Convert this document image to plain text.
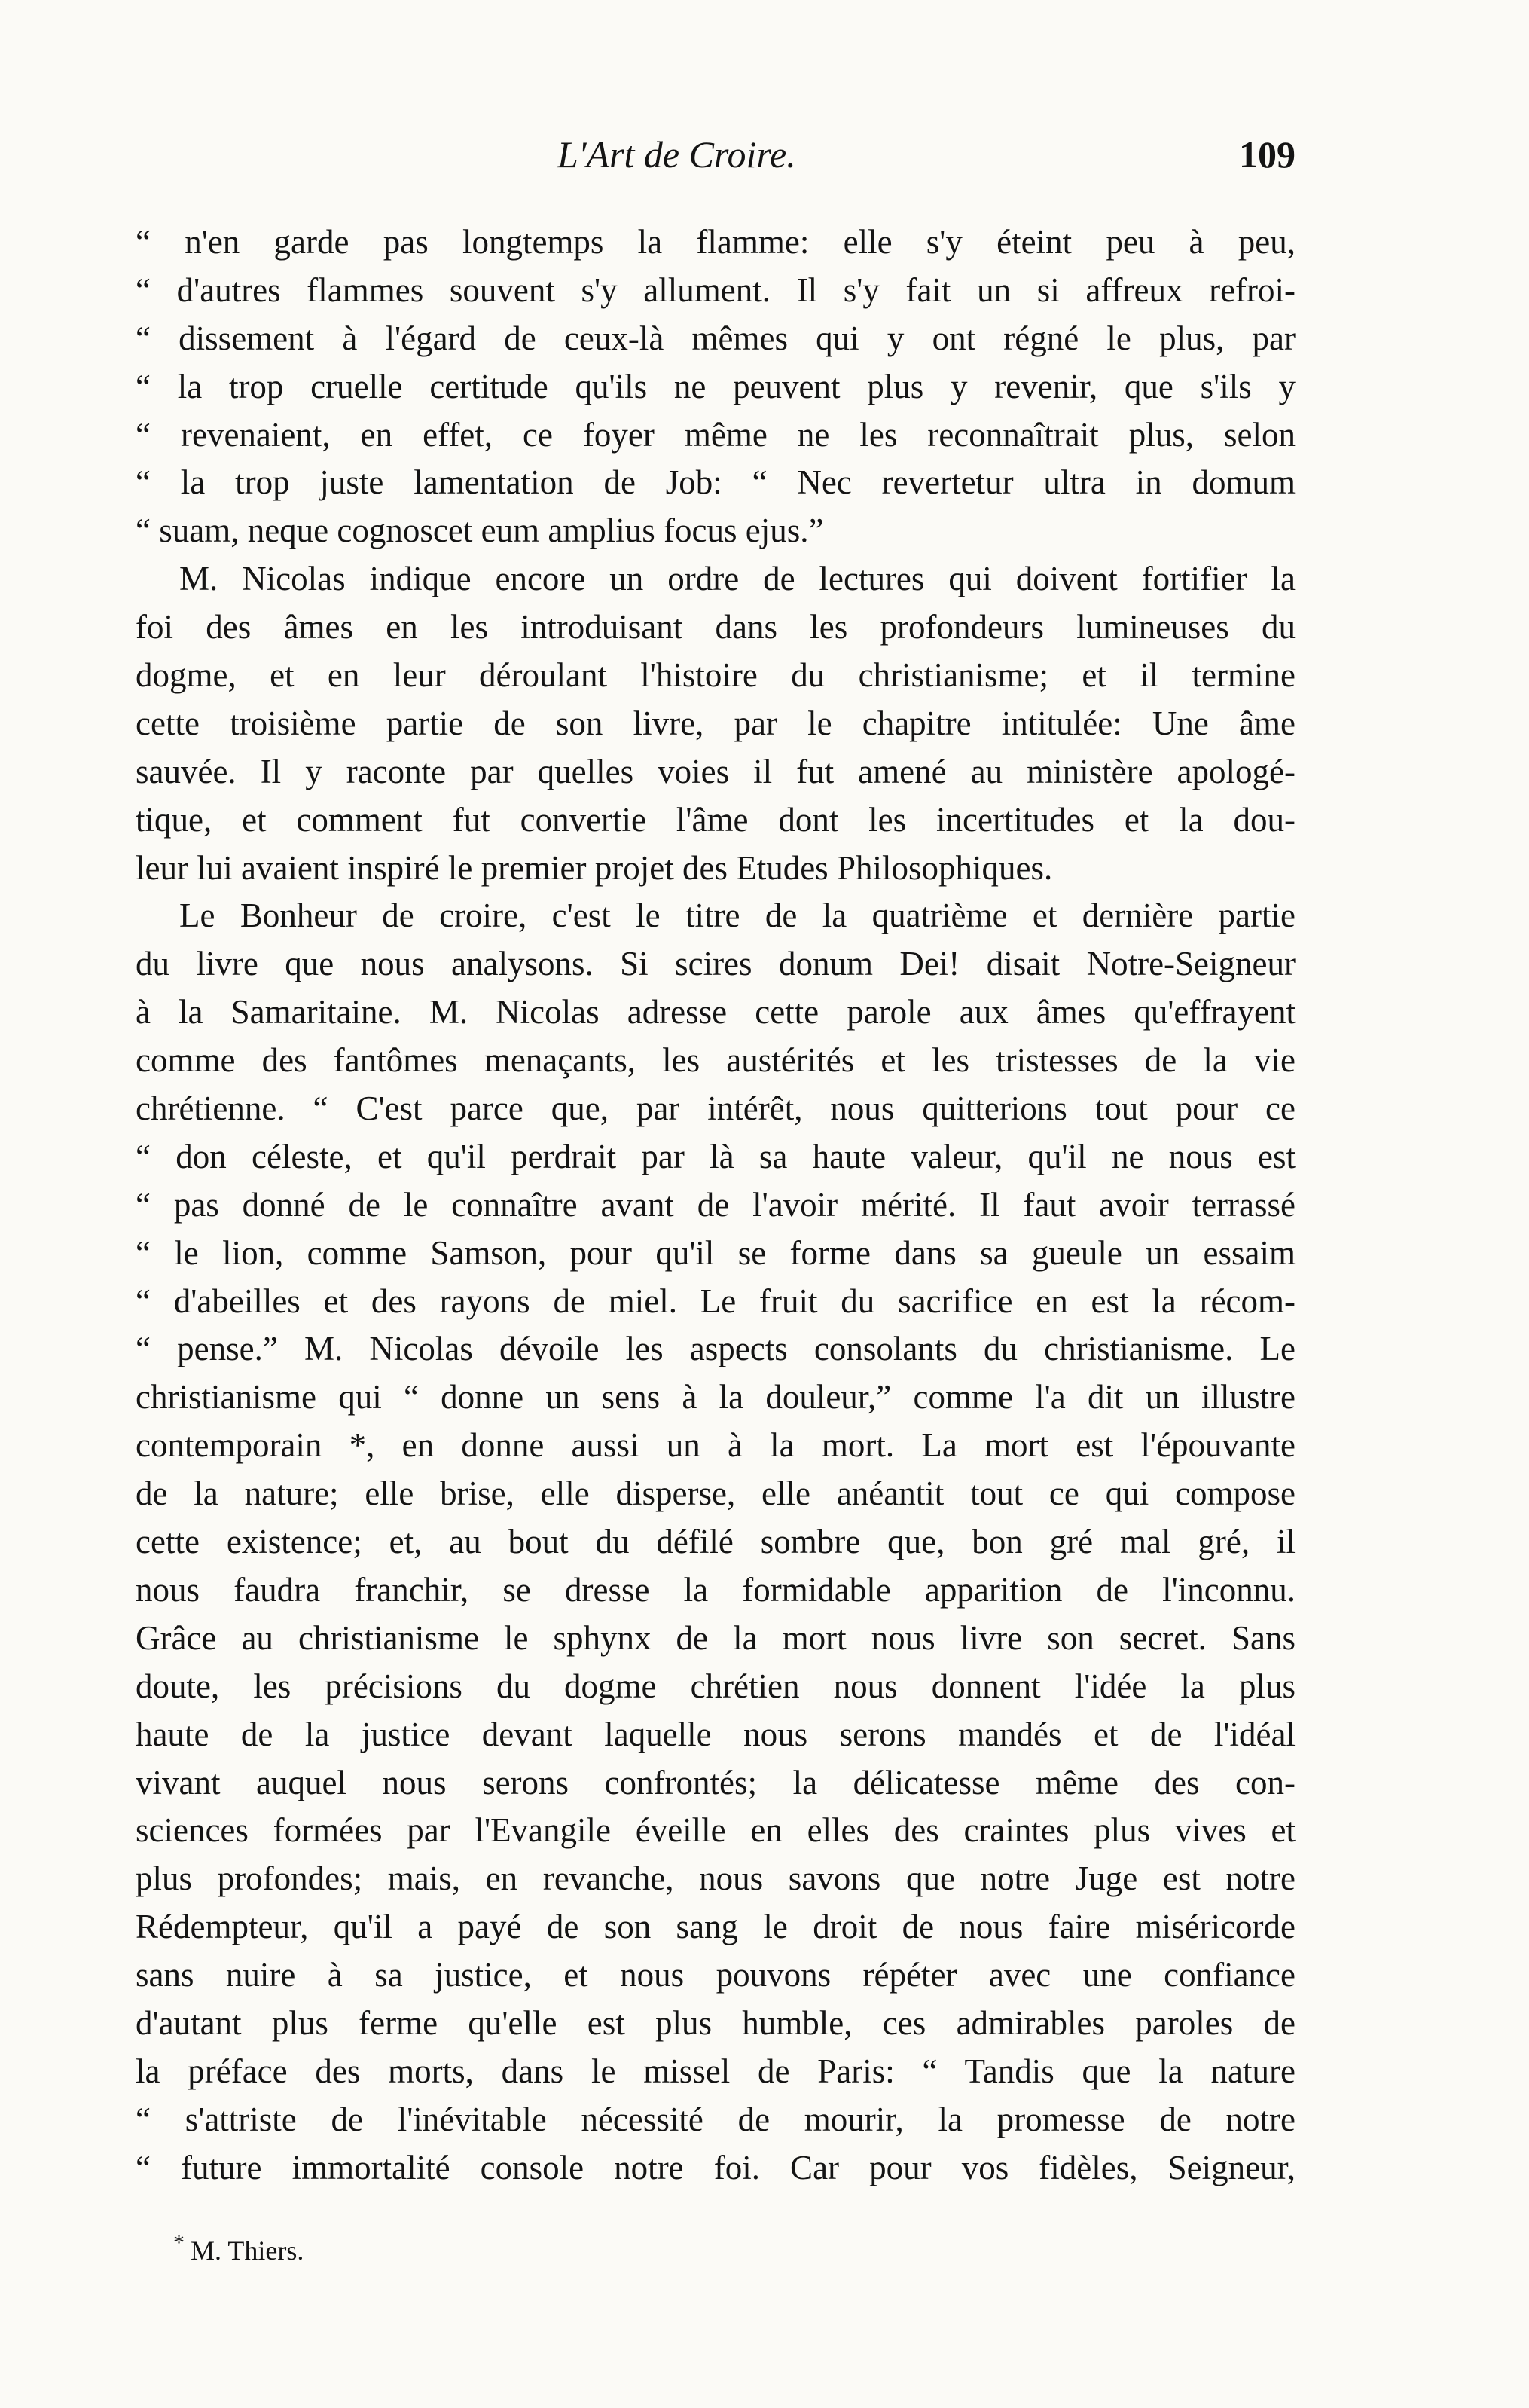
L'Art de Croire.	109
“ n'en garde pas longtemps la flamme: elle s'y éteint peu à peu,
“ d'autres flammes souvent s'y allument. Il s'y fait un si affreux refroi-
“ dissement à l'égard de ceux-là mêmes qui y ont régné le plus, par
“ la trop cruelle certitude qu'ils ne peuvent plus y revenir, que s'ils y
“ revenaient, en effet, ce foyer même ne les reconnaîtrait plus, selon
“ la trop juste lamentation de Job: “ Nec revertetur ultra in domum
“ suam, neque cognoscet eum amplius focus ejus.”
M. Nicolas indique encore un ordre de lectures qui doivent fortifier la
foi des âmes en les introduisant dans les profondeurs lumineuses du
dogme, et en leur déroulant l'histoire du christianisme; et il termine
cette troisième partie de son livre, par le chapitre intitulée: Une âme
sauvée. Il y raconte par quelles voies il fut amené au ministère apologé-
tique, et comment fut convertie l'âme dont les incertitudes et la dou-
leur lui avaient inspiré le premier projet des Etudes Philosophiques.
Le Bonheur de croire, c'est le titre de la quatrième et dernière partie
du livre que nous analysons. Si scires donum Dei! disait Notre-Seigneur
à la Samaritaine. M. Nicolas adresse cette parole aux âmes qu'effrayent
comme des fantômes menaçants, les austérités et les tristesses de la vie
chrétienne. “ C'est parce que, par intérêt, nous quitterions tout pour ce
“ don céleste, et qu'il perdrait par là sa haute valeur, qu'il ne nous est
“ pas donné de le connaître avant de l'avoir mérité. Il faut avoir terrassé
“ le lion, comme Samson, pour qu'il se forme dans sa gueule un essaim
“ d'abeilles et des rayons de miel. Le fruit du sacrifice en est la récom-
“ pense.” M. Nicolas dévoile les aspects consolants du christianisme. Le
christianisme qui “ donne un sens à la douleur,” comme l'a dit un illustre
contemporain *, en donne aussi un à la mort. La mort est l'épouvante
de la nature; elle brise, elle disperse, elle anéantit tout ce qui compose
cette existence; et, au bout du défilé sombre que, bon gré mal gré, il
nous faudra franchir, se dresse la formidable apparition de l'inconnu.
Grâce au christianisme le sphynx de la mort nous livre son secret. Sans
doute, les précisions du dogme chrétien nous donnent l'idée la plus
haute de la justice devant laquelle nous serons mandés et de l'idéal
vivant auquel nous serons confrontés; la délicatesse même des con-
sciences formées par l'Evangile éveille en elles des craintes plus vives et
plus profondes; mais, en revanche, nous savons que notre Juge est notre
Rédempteur, qu'il a payé de son sang le droit de nous faire miséricorde
sans nuire à sa justice, et nous pouvons répéter avec une confiance
d'autant plus ferme qu'elle est plus humble, ces admirables paroles de
la préface des morts, dans le missel de Paris: “ Tandis que la nature
“ s'attriste de l'inévitable nécessité de mourir, la promesse de notre
“ future immortalité console notre foi. Car pour vos fidèles, Seigneur,
* M. Thiers.
